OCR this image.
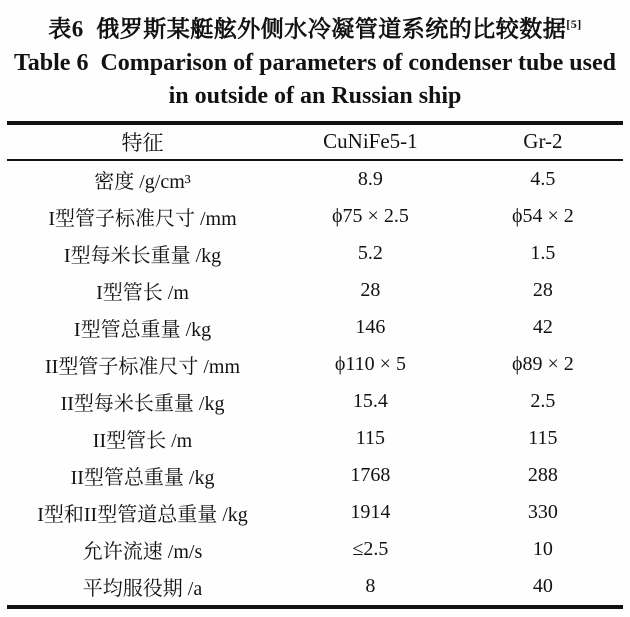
表6  俄罗斯某艇舷外侧水冷凝管道系统的比较数据[5]
Table 6  Comparison of parameters of condenser tube used
in outside of an Russian ship
特征	CuNiFe5-1	Gr-2
密度 /g/cm³	8.9	4.5
I型管子标准尺寸 /mm	ϕ75 × 2.5	ϕ54 × 2
I型每米长重量 /kg	5.2	1.5
I型管长 /m	28	28
I型管总重量 /kg	146	42
II型管子标准尺寸 /mm	ϕ110 × 5	ϕ89 × 2
II型每米长重量 /kg	15.4	2.5
II型管长 /m	115	115
II型管总重量 /kg	1768	288
I型和II型管道总重量 /kg	1914	330
允许流速 /m/s	≤2.5	10
平均服役期 /a	8	40
